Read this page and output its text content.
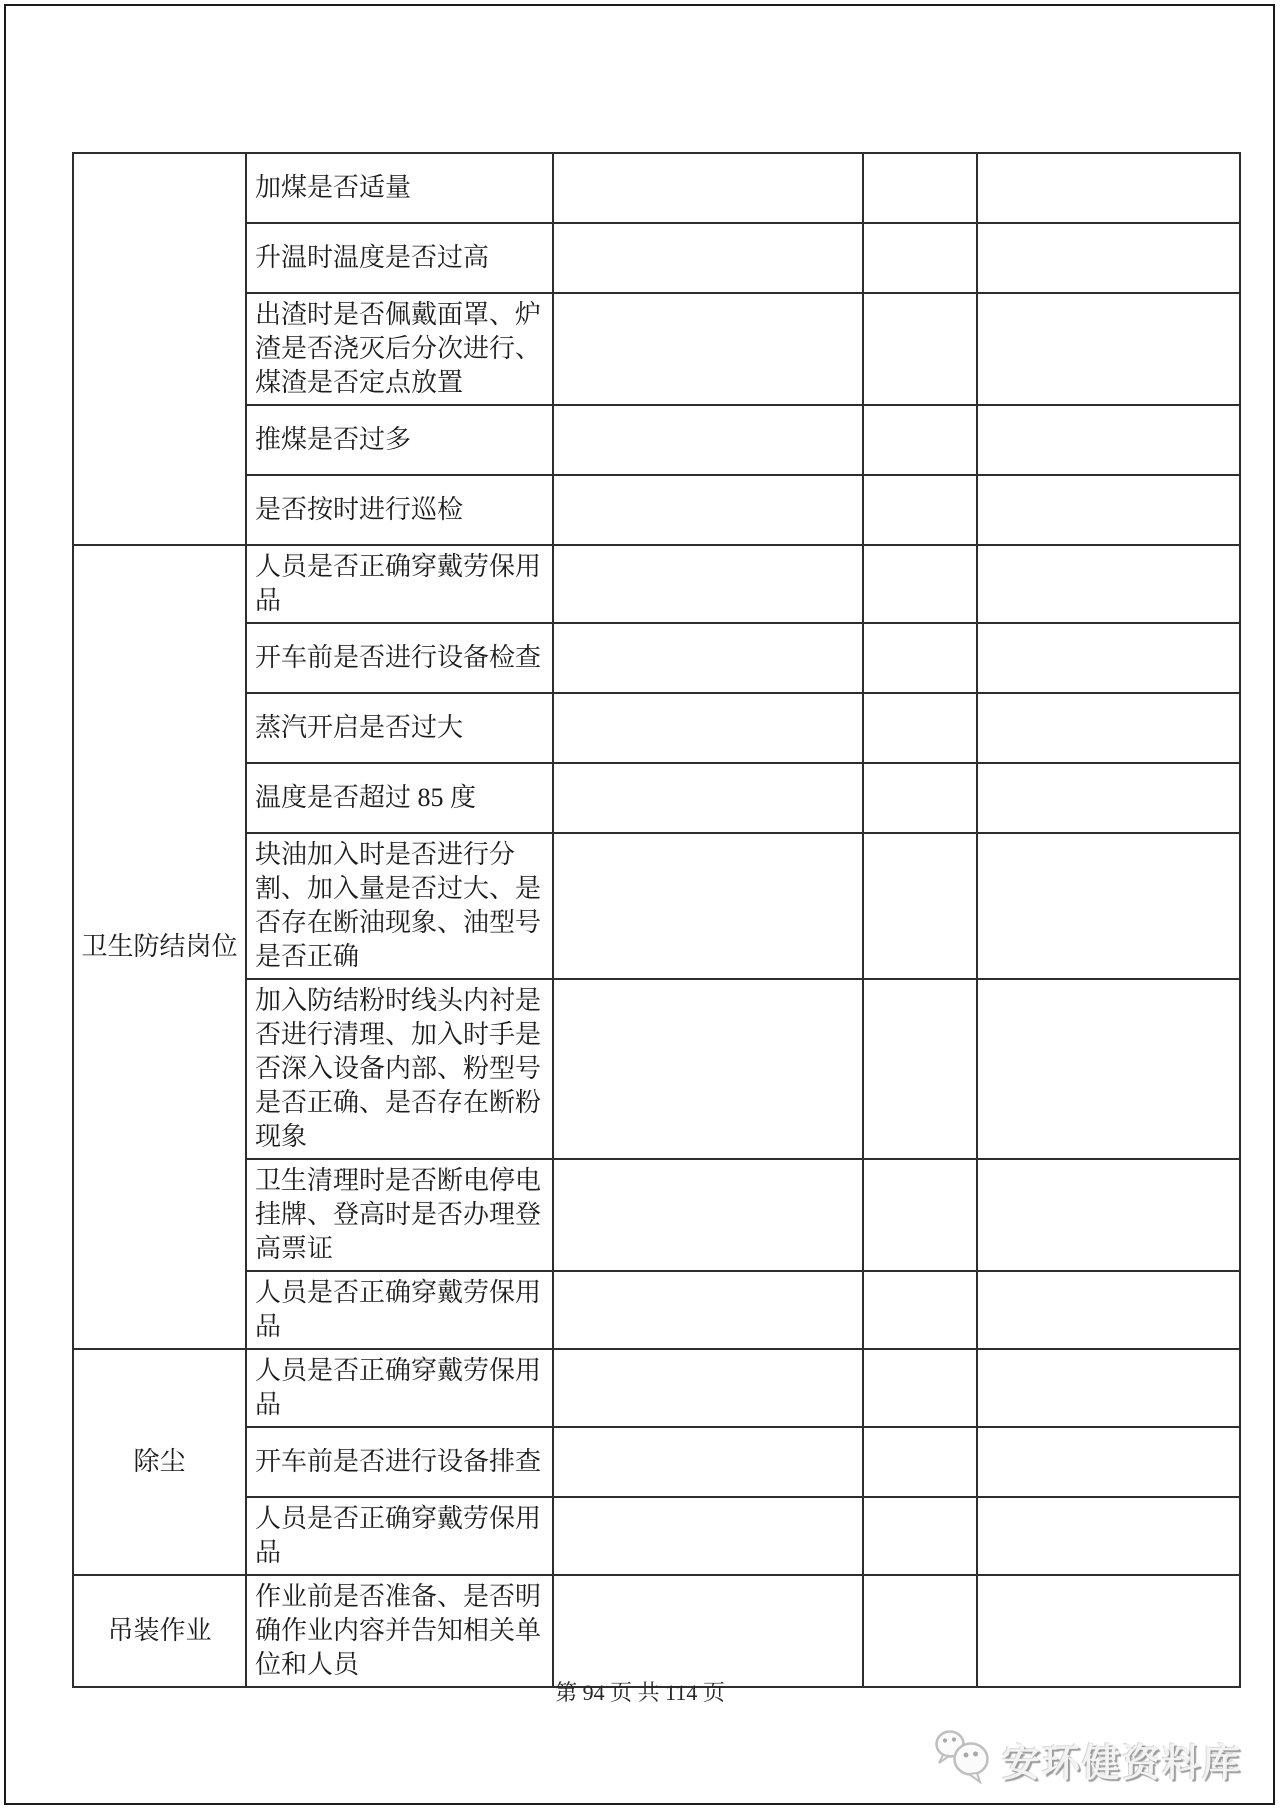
	加煤是否适量			
	升温时温度是否过高			
	出渣时是否佩戴面罩、炉渣是否浇灭后分次进行、煤渣是否定点放置			
	推煤是否过多			
	是否按时进行巡检			
卫生防结岗位	人员是否正确穿戴劳保用品			
	开车前是否进行设备检查			
	蒸汽开启是否过大			
	温度是否超过 85 度			
	块油加入时是否进行分割、加入量是否过大、是否存在断油现象、油型号是否正确			
	加入防结粉时线头内衬是否进行清理、加入时手是否深入设备内部、粉型号是否正确、是否存在断粉现象			
	卫生清理时是否断电停电挂牌、登高时是否办理登高票证			
	人员是否正确穿戴劳保用品			
除尘	人员是否正确穿戴劳保用品			
	开车前是否进行设备排查			
	人员是否正确穿戴劳保用品			
吊装作业	作业前是否准备、是否明确作业内容并告知相关单位和人员			
第 94 页 共 114 页
安环健资料库
